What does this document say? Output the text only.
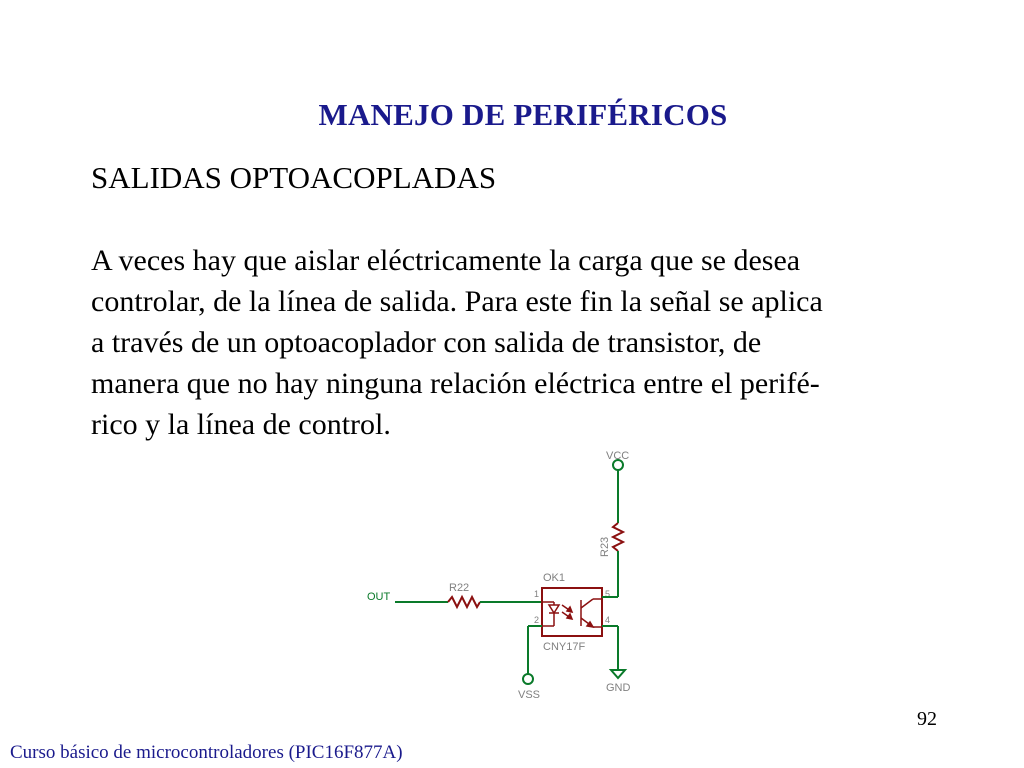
MANEJO DE PERIFÉRICOS
SALIDAS OPTOACOPLADAS
A veces hay que aislar eléctricamente la carga que se desea
controlar, de la línea de salida. Para este fin la señal se aplica
a través de un optoacoplador con salida de transistor, de
manera que no hay ninguna relación eléctrica entre el perifé-
rico y la línea de control.
VCC
R23
OUT
R22
OK1
1
2
5
4
GND
VSS
CNY17F
92
Curso básico de microcontroladores (PIC16F877A)
